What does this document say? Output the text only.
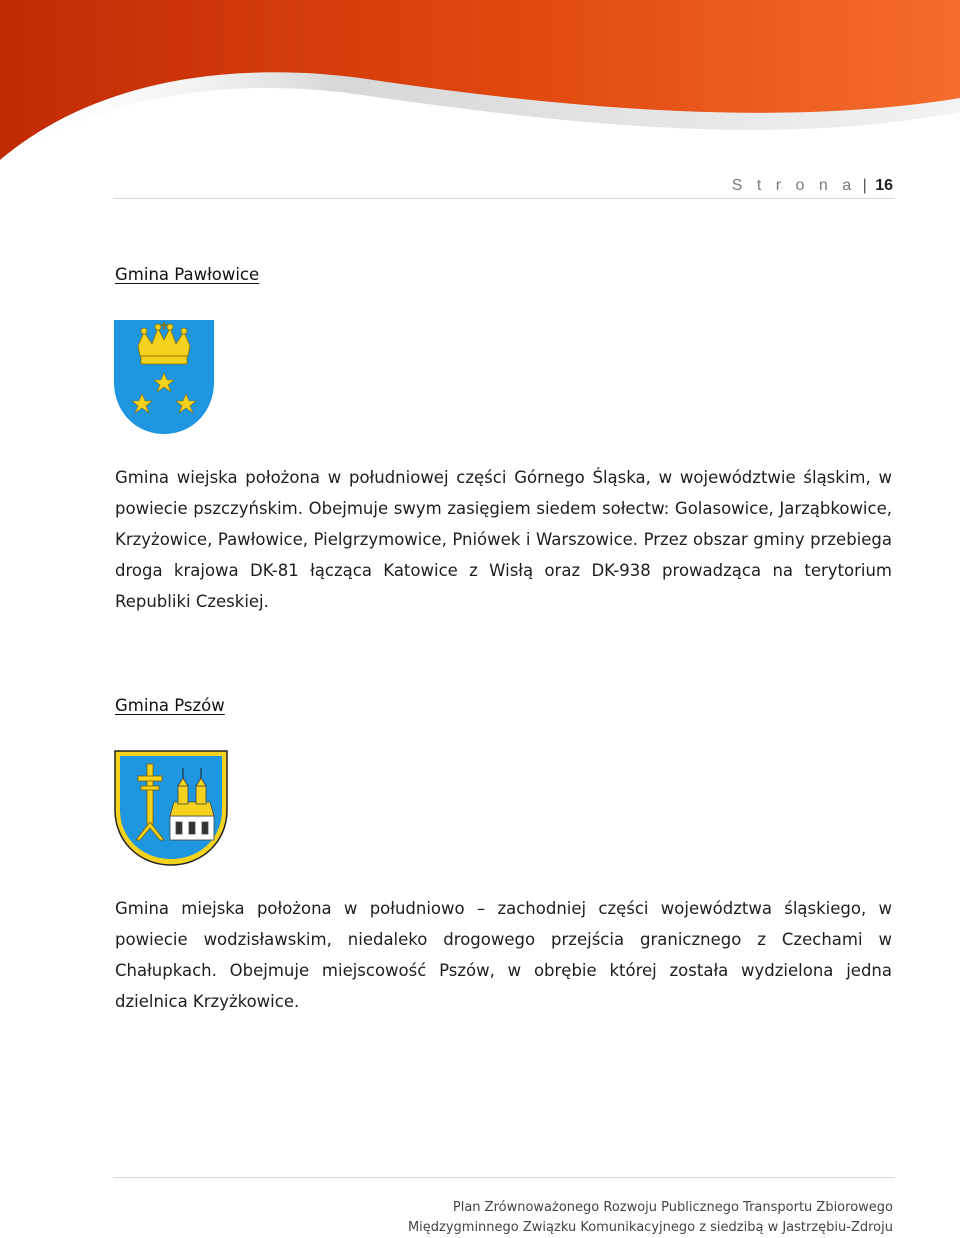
S t r o n a | 16
Gmina Pawłowice
Gmina wiejska położona w południowej części Górnego Śląska, w województwie śląskim, w powiecie pszczyńskim. Obejmuje swym zasięgiem siedem sołectw: Golasowice, Jarząbkowice, Krzyżowice, Pawłowice, Pielgrzymowice, Pniówek i Warszowice. Przez obszar gminy przebiega droga krajowa DK-81 łącząca Katowice z Wisłą oraz DK-938 prowadząca na terytorium Republiki Czeskiej.
Gmina Pszów
Gmina miejska położona w południowo – zachodniej części województwa śląskiego, w powiecie wodzisławskim, niedaleko drogowego przejścia granicznego z Czechami w Chałupkach. Obejmuje miejscowość Pszów, w obrębie której została wydzielona jedna dzielnica Krzyżkowice.
Plan Zrównoważonego Rozwoju Publicznego Transportu Zbiorowego
Międzygminnego Związku Komunikacyjnego z siedzibą w Jastrzębiu-Zdroju
